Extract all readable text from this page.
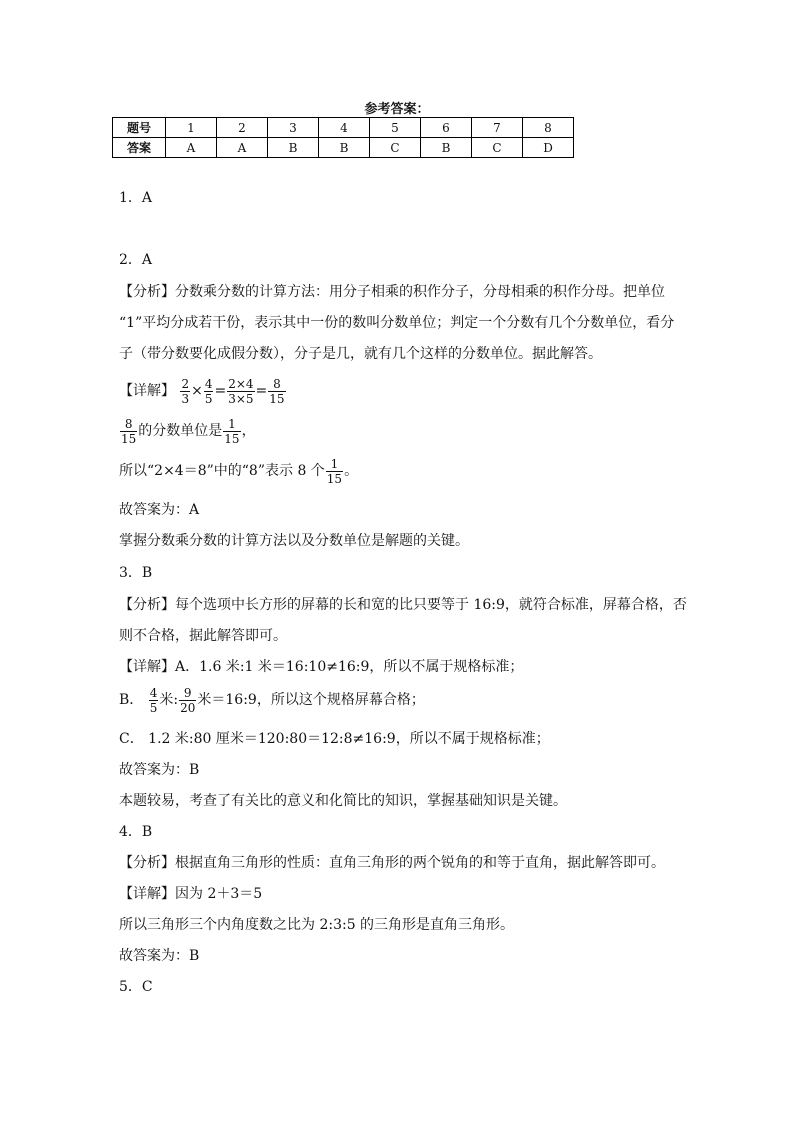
参考答案：
题号	1	2	3	4	5	6	7	8
答案	A	A	B	B	C	B	C	D
1．A
2．A
【分析】分数乘分数的计算方法：用分子相乘的积作分子，分母相乘的积作分母。把单位
“1”平均分成若干份，表示其中一份的数叫分数单位；判定一个分数有几个分数单位，看分
子（带分数要化成假分数），分子是几，就有几个这样的分数单位。据此解答。
【详解】 $\frac{2}{3} \times \frac{4}{5} = \frac{2\times 4}{3\times 5} = \frac{8}{15}$
$\frac{8}{15}$ 的分数单位是 $\frac{1}{15}$ ，
所以“2×4＝8”中的“8”表示 8 个 $\frac{1}{15}$ 。
故答案为：A
掌握分数乘分数的计算方法以及分数单位是解题的关键。
3．B
【分析】每个选项中长方形的屏幕的长和宽的比只要等于 16:9，就符合标准，屏幕合格，否
则不合格，据此解答即可。
【详解】A．1.6 米:1 米＝16:10≠16:9，所以不属于规格标准；
B． $\frac{4}{5}$ 米: $\frac{9}{20}$ 米＝16:9，所以这个规格屏幕合格；
C． 1.2 米:80 厘米＝120:80＝12:8≠16:9，所以不属于规格标准；
故答案为：B
本题较易，考查了有关比的意义和化简比的知识，掌握基础知识是关键。
4．B
【分析】根据直角三角形的性质：直角三角形的两个锐角的和等于直角，据此解答即可。
【详解】因为 2＋3＝5
所以三角形三个内角度数之比为 2:3:5 的三角形是直角三角形。
故答案为：B
5．C
